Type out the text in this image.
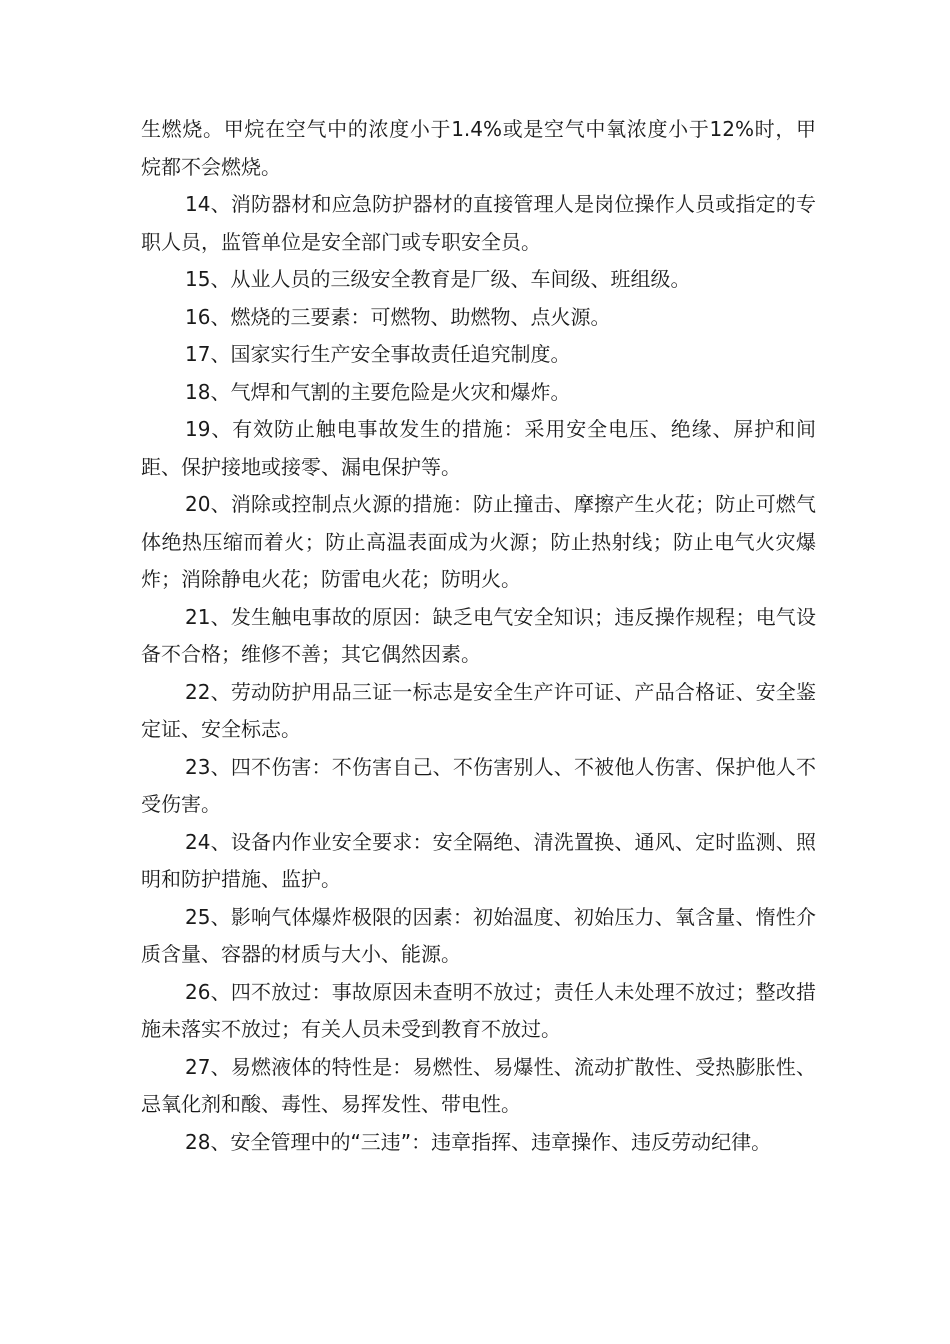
生燃烧。甲烷在空气中的浓度小于1.4%或是空气中氧浓度小于12%时，甲烷都不会燃烧。

14、消防器材和应急防护器材的直接管理人是岗位操作人员或指定的专职人员，监管单位是安全部门或专职安全员。

15、从业人员的三级安全教育是厂级、车间级、班组级。

16、燃烧的三要素：可燃物、助燃物、点火源。

17、国家实行生产安全事故责任追究制度。

18、气焊和气割的主要危险是火灾和爆炸。

19、有效防止触电事故发生的措施：采用安全电压、绝缘、屏护和间距、保护接地或接零、漏电保护等。

20、消除或控制点火源的措施：防止撞击、摩擦产生火花；防止可燃气体绝热压缩而着火；防止高温表面成为火源；防止热射线；防止电气火灾爆炸；消除静电火花；防雷电火花；防明火。

21、发生触电事故的原因：缺乏电气安全知识；违反操作规程；电气设备不合格；维修不善；其它偶然因素。

22、劳动防护用品三证一标志是安全生产许可证、产品合格证、安全鉴定证、安全标志。

23、四不伤害：不伤害自己、不伤害别人、不被他人伤害、保护他人不受伤害。

24、设备内作业安全要求：安全隔绝、清洗置换、通风、定时监测、照明和防护措施、监护。

25、影响气体爆炸极限的因素：初始温度、初始压力、氧含量、惰性介质含量、容器的材质与大小、能源。

26、四不放过：事故原因未查明不放过；责任人未处理不放过；整改措施未落实不放过；有关人员未受到教育不放过。

27、易燃液体的特性是：易燃性、易爆性、流动扩散性、受热膨胀性、忌氧化剂和酸、毒性、易挥发性、带电性。

28、安全管理中的“三违”：违章指挥、违章操作、违反劳动纪律。
